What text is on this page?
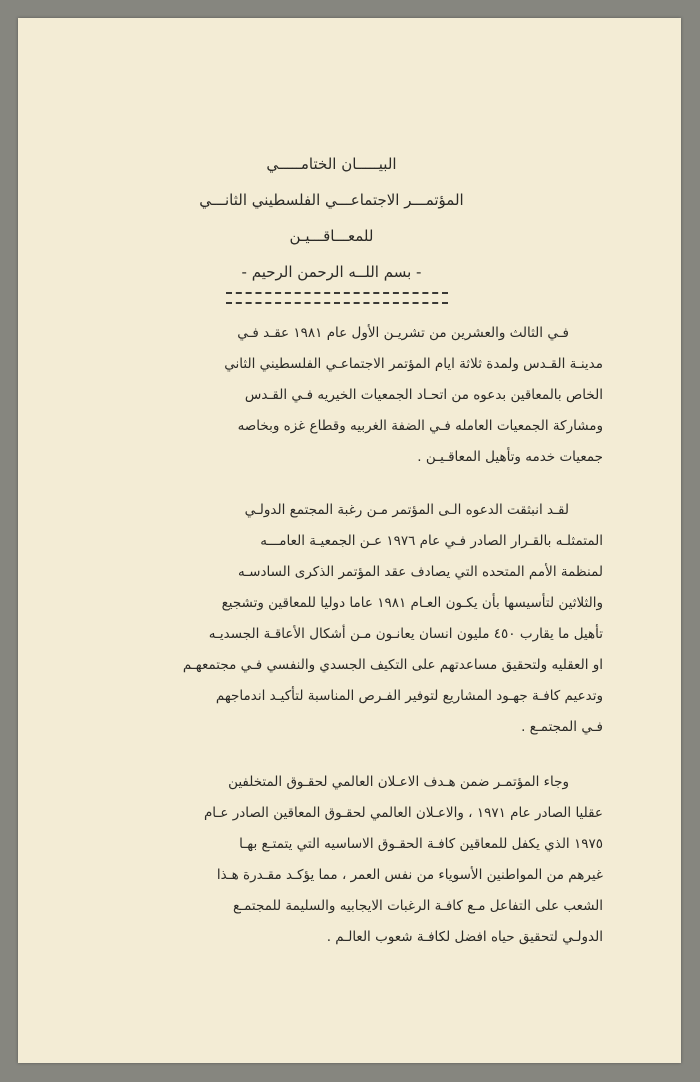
البيـــــان الختامـــــي
المؤتمـــر الاجتماعـــي الفلسطيني الثانـــي
للمعـــاقـــيـن
- بسم اللــه الرحمن الرحيم -
فـي الثالث والعشرين من تشريـن الأول عام ١٩٨١ عقـد فـي
مدينـة القـدس ولمدة ثلاثة ايام المؤتمر الاجتماعـي الفلسطيني الثاني
الخاص بالمعاقين بدعوه من اتحـاد الجمعيات الخيريه فـي القـدس
ومشاركة الجمعيات العامله فـي الضفة الغربيه وقطاع غزه وبخاصه
جمعيات خدمه وتأهيل المعاقـيـن .
لقـد انبثقت الدعوه الـى المؤتمر مـن رغبة المجتمع الدولـي
المتمثلـه بالقـرار الصادر فـي عام ١٩٧٦ عـن الجمعيـة العامـــه
لمنظمة الأمم المتحده التي يصادف عقد المؤتمر الذكرى السادسـه
والثلاثين لتأسيسها بأن يكـون العـام ١٩٨١ عاما دوليا للمعاقين وتشجيع
تأهيل ما يقارب ٤٥٠ مليون انسان يعانـون مـن أشكال الأعاقـة الجسديـه
او العقليه ولتحقيق مساعدتهم على التكيف الجسدي والنفسي فـي مجتمعهـم
وتدعيم كافـة جهـود المشاريع لتوفير الفـرص المناسبة لتأكيـد اندماجهم
فـي المجتمـع .
وجاء المؤتمـر ضمن هـدف الاعـلان العالمي لحقـوق المتخلفين
عقليا الصادر عام ١٩٧١ ، والاعـلان العالمي لحقـوق المعاقين الصادر عـام
١٩٧٥ الذي يكفل للمعاقين كافـة الحقـوق الاساسيه التي يتمتـع بهـا
غيرهم من المواطنين الأسوياء من نفس العمر ، مما يؤكـد مقـدرة هـذا
الشعب على التفاعل مـع كافـة الرغبات الايجابيه والسليمة للمجتمـع
الدولـي لتحقيق حياه افضل لكافـة شعوب العالـم .
